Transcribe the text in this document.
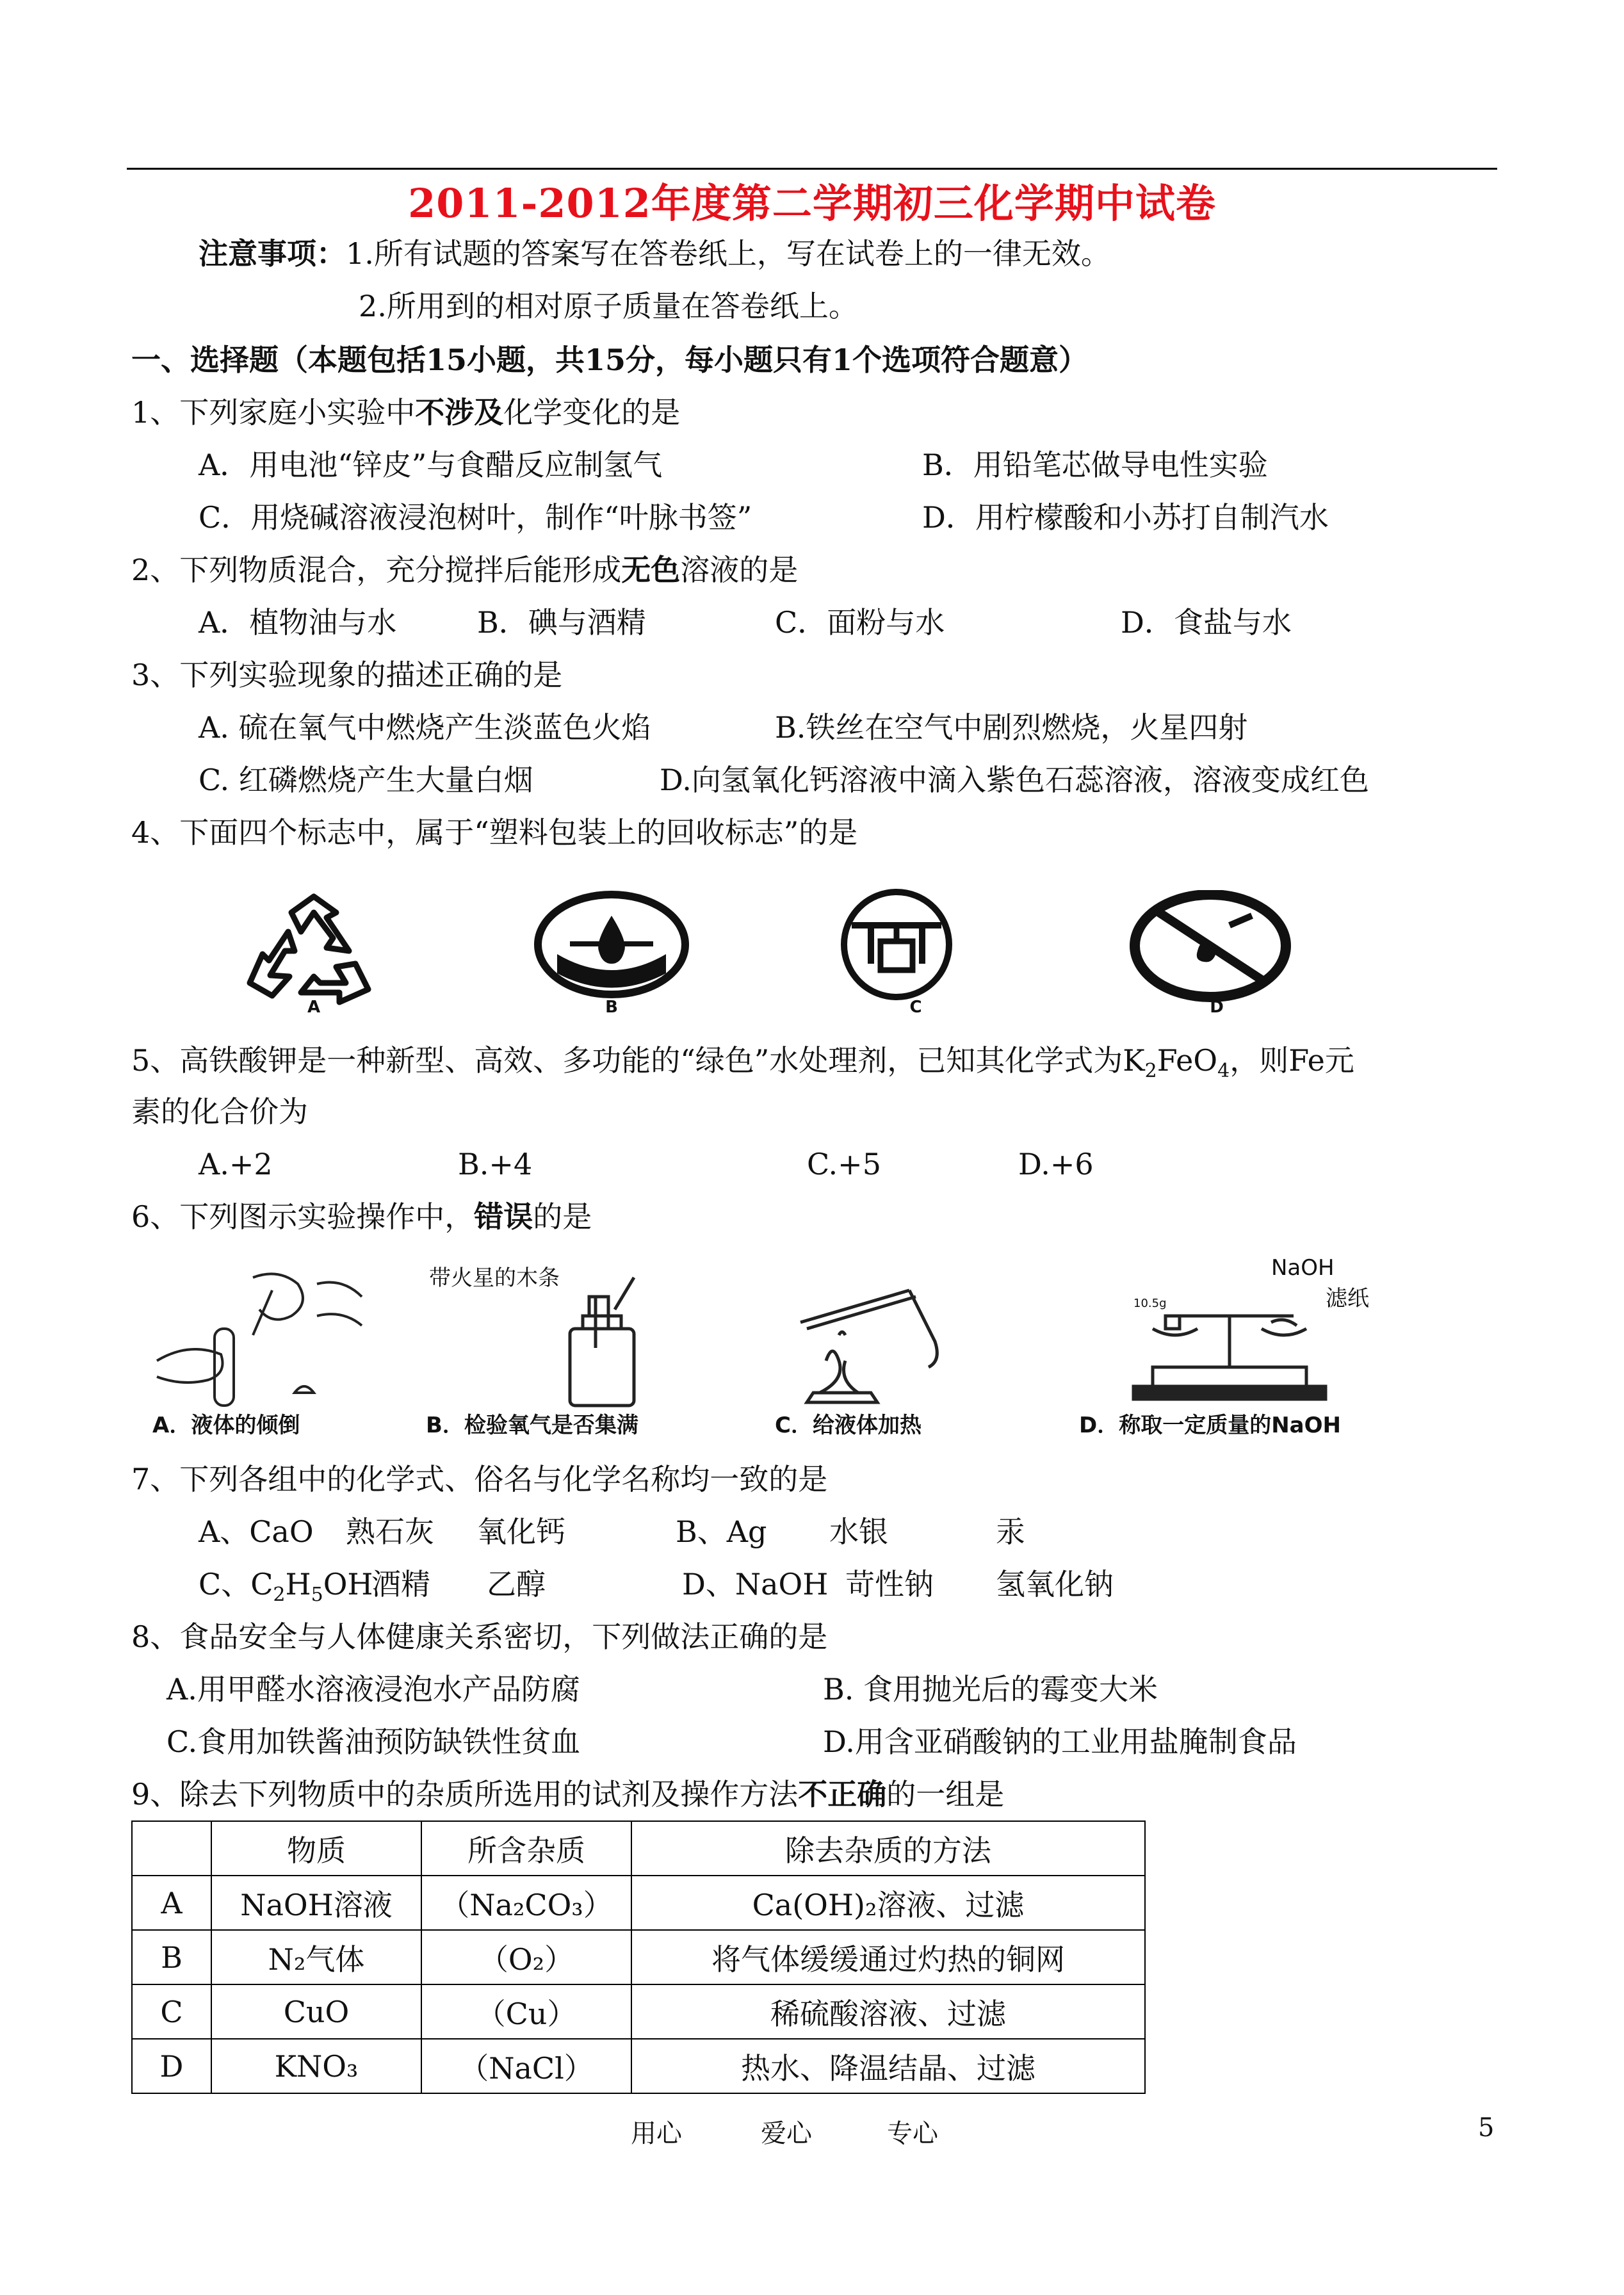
2011-2012年度第二学期初三化学期中试卷
注意事项：1.所有试题的答案写在答卷纸上，写在试卷上的一律无效。
2.所用到的相对原子质量在答卷纸上。
一、选择题（本题包括15小题，共15分，每小题只有1个选项符合题意）
1、下列家庭小实验中不涉及化学变化的是
A．用电池“锌皮”与食醋反应制氢气	B．用铅笔芯做导电性实验
C．用烧碱溶液浸泡树叶，制作“叶脉书签”	D．用柠檬酸和小苏打自制汽水
2、下列物质混合，充分搅拌后能形成无色溶液的是
A．植物油与水	B．碘与酒精	C．面粉与水	D．食盐与水
3、下列实验现象的描述正确的是
A. 硫在氧气中燃烧产生淡蓝色火焰	B.铁丝在空气中剧烈燃烧，火星四射
C. 红磷燃烧产生大量白烟	D.向氢氧化钙溶液中滴入紫色石蕊溶液，溶液变成红色
4、下面四个标志中，属于“塑料包装上的回收标志”的是
A	B	C	D
5、高铁酸钾是一种新型、高效、多功能的“绿色”水处理剂，已知其化学式为$K_2FeO_4$，则Fe元
素的化合价为
A.+2	B.+4	C.+5	D.+6
6、下列图示实验操作中，错误的是
A．液体的倾倒
带火星的木条
B．检验氧气是否集满	C．给液体加热
NaOH
滤纸
10.5g
D．称取一定质量的NaOH
7、下列各组中的化学式、俗名与化学名称均一致的是
A、CaO 熟石灰 氧化钙	B、Ag 水银	汞
C、$C_2H_5OH$
酒精 乙醇	D、NaOH 苛性钠 氢氧化钠
8、食品安全与人体健康关系密切，下列做法正确的是
A.用甲醛水溶液浸泡水产品防腐	B. 食用抛光后的霉变大米
C.食用加铁酱油预防缺铁性贫血	D.用含亚硝酸钠的工业用盐腌制食品
9、除去下列物质中的杂质所选用的试剂及操作方法不正确的一组是
	物质	所含杂质	除去杂质的方法
A	NaOH溶液	（Na₂CO₃）	Ca(OH)₂溶液、过滤
B	N₂气体	（O₂）	将气体缓缓通过灼热的铜网
C	CuO	（Cu）	稀硫酸溶液、过滤
D	KNO₃	（NaCl）	热水、降温结晶、过滤
用心	爱心	专心	5
